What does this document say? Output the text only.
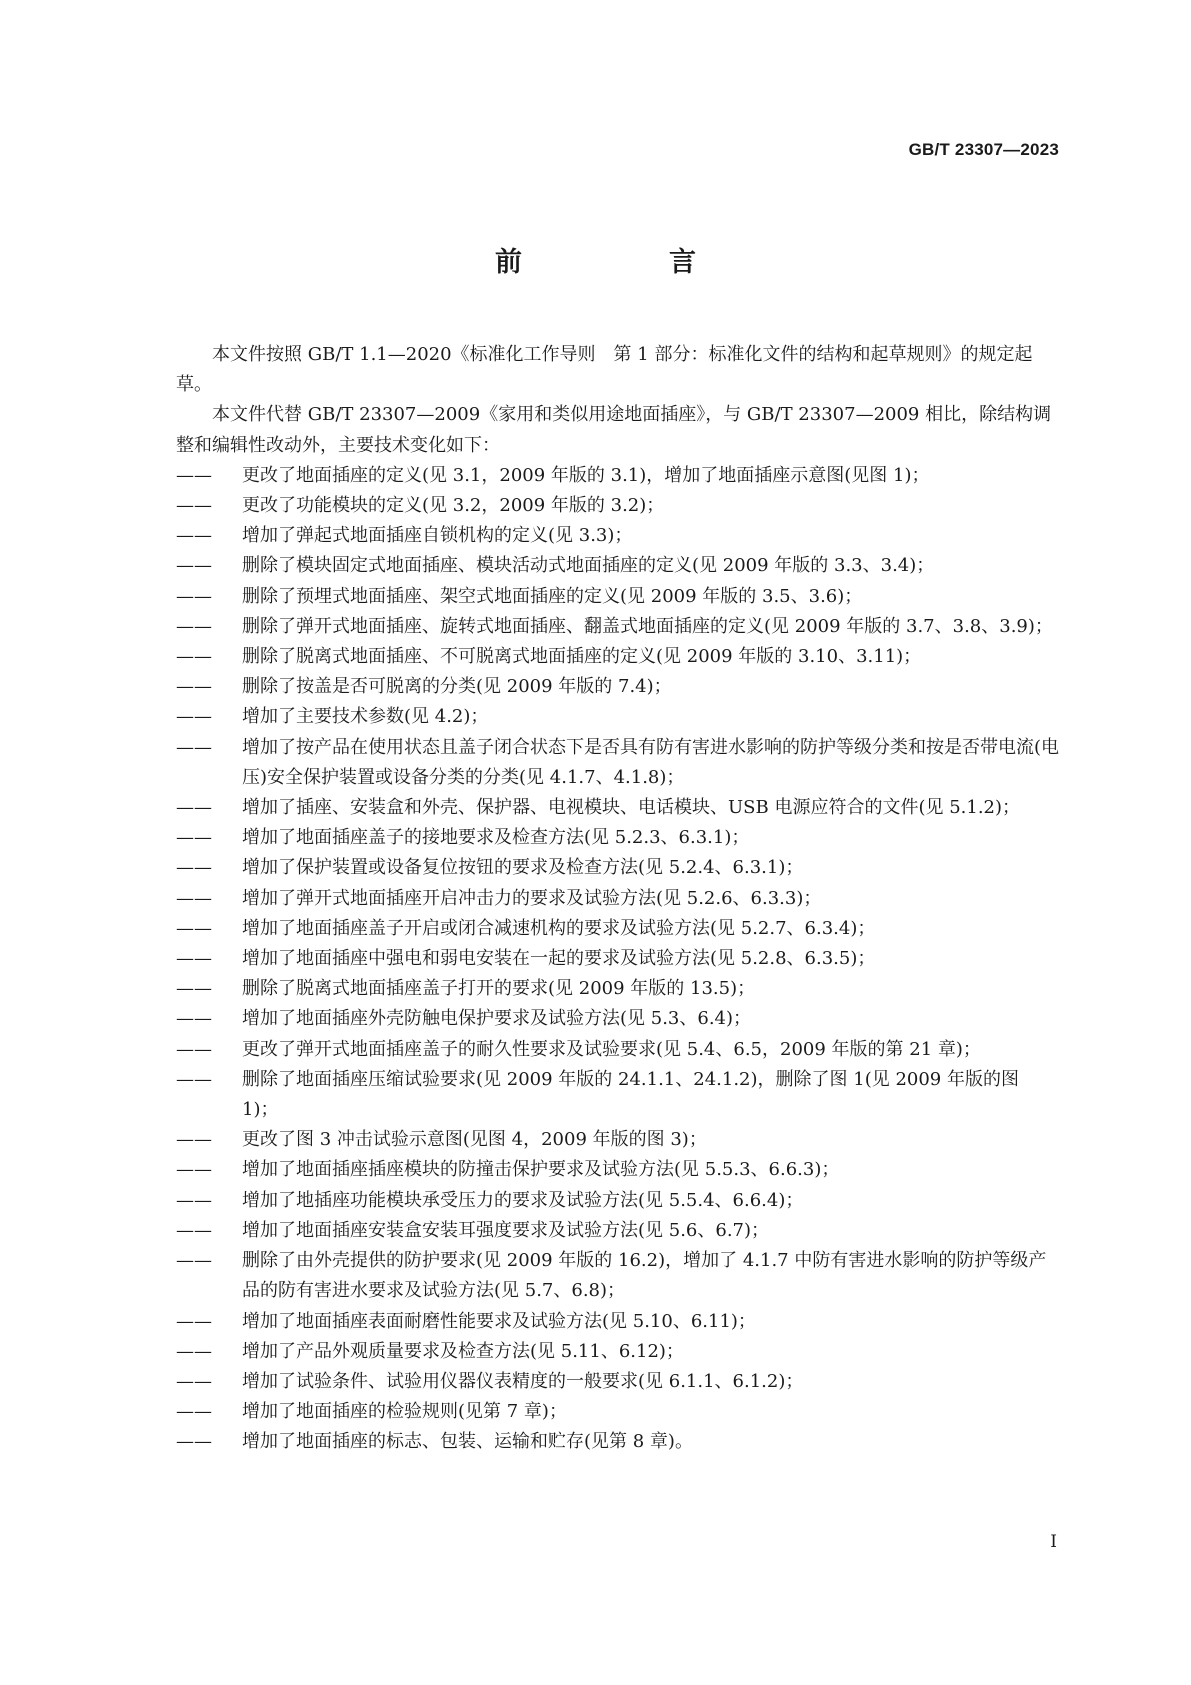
GB/T 23307—2023
前　言

本文件按照 GB/T 1.1—2020《标准化工作导则　第 1 部分：标准化文件的结构和起草规则》的规定起草。

本文件代替 GB/T 23307—2009《家用和类似用途地面插座》，与 GB/T 23307—2009 相比，除结构调整和编辑性改动外，主要技术变化如下：

—— 更改了地面插座的定义(见 3.1，2009 年版的 3.1)，增加了地面插座示意图(见图 1)；
—— 更改了功能模块的定义(见 3.2，2009 年版的 3.2)；
—— 增加了弹起式地面插座自锁机构的定义(见 3.3)；
—— 删除了模块固定式地面插座、模块活动式地面插座的定义(见 2009 年版的 3.3、3.4)；
—— 删除了预埋式地面插座、架空式地面插座的定义(见 2009 年版的 3.5、3.6)；
—— 删除了弹开式地面插座、旋转式地面插座、翻盖式地面插座的定义(见 2009 年版的 3.7、3.8、3.9)；
—— 删除了脱离式地面插座、不可脱离式地面插座的定义(见 2009 年版的 3.10、3.11)；
—— 删除了按盖是否可脱离的分类(见 2009 年版的 7.4)；
—— 增加了主要技术参数(见 4.2)；
—— 增加了按产品在使用状态且盖子闭合状态下是否具有防有害进水影响的防护等级分类和按是否带电流(电压)安全保护装置或设备分类的分类(见 4.1.7、4.1.8)；
—— 增加了插座、安装盒和外壳、保护器、电视模块、电话模块、USB 电源应符合的文件(见 5.1.2)；
—— 增加了地面插座盖子的接地要求及检查方法(见 5.2.3、6.3.1)；
—— 增加了保护装置或设备复位按钮的要求及检查方法(见 5.2.4、6.3.1)；
—— 增加了弹开式地面插座开启冲击力的要求及试验方法(见 5.2.6、6.3.3)；
—— 增加了地面插座盖子开启或闭合减速机构的要求及试验方法(见 5.2.7、6.3.4)；
—— 增加了地面插座中强电和弱电安装在一起的要求及试验方法(见 5.2.8、6.3.5)；
—— 删除了脱离式地面插座盖子打开的要求(见 2009 年版的 13.5)；
—— 增加了地面插座外壳防触电保护要求及试验方法(见 5.3、6.4)；
—— 更改了弹开式地面插座盖子的耐久性要求及试验要求(见 5.4、6.5，2009 年版的第 21 章)；
—— 删除了地面插座压缩试验要求(见 2009 年版的 24.1.1、24.1.2)，删除了图 1(见 2009 年版的图 1)；
—— 更改了图 3 冲击试验示意图(见图 4，2009 年版的图 3)；
—— 增加了地面插座插座模块的防撞击保护要求及试验方法(见 5.5.3、6.6.3)；
—— 增加了地插座功能模块承受压力的要求及试验方法(见 5.5.4、6.6.4)；
—— 增加了地面插座安装盒安装耳强度要求及试验方法(见 5.6、6.7)；
—— 删除了由外壳提供的防护要求(见 2009 年版的 16.2)，增加了 4.1.7 中防有害进水影响的防护等级产品的防有害进水要求及试验方法(见 5.7、6.8)；
—— 增加了地面插座表面耐磨性能要求及试验方法(见 5.10、6.11)；
—— 增加了产品外观质量要求及检查方法(见 5.11、6.12)；
—— 增加了试验条件、试验用仪器仪表精度的一般要求(见 6.1.1、6.1.2)；
—— 增加了地面插座的检验规则(见第 7 章)；
—— 增加了地面插座的标志、包装、运输和贮存(见第 8 章)。
I
